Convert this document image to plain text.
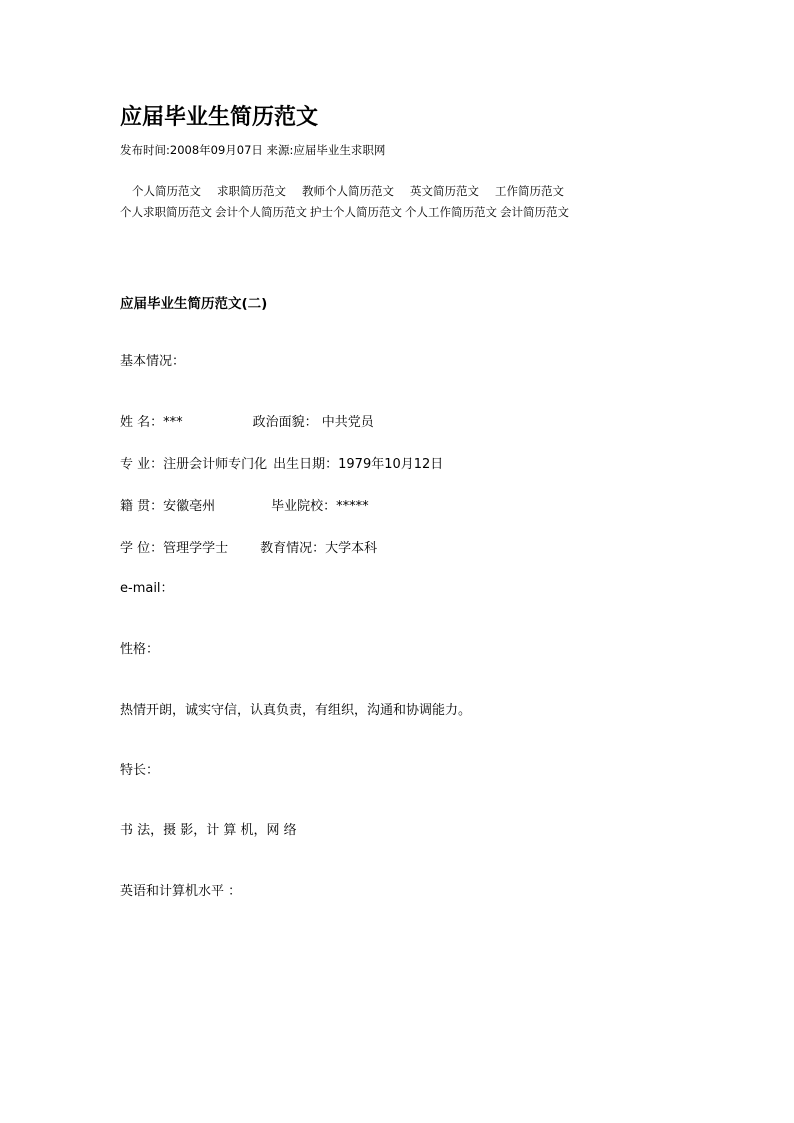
应届毕业生简历范文
发布时间:2008年09月07日 来源:应届毕业生求职网
个人简历范文 求职简历范文 教师个人简历范文 英文简历范文 工作简历范文
个人求职简历范文 会计个人简历范文 护士个人简历范文 个人工作简历范文 会计简历范文
应届毕业生简历范文(二)
基本情况：
姓 名：***	政治面貌： 中共党员
专 业：注册会计师专门化 出生日期：1979年10月12日
籍 贯：安徽亳州	毕业院校：*****
学 位：管理学学士 教育情况：大学本科
e-mail：
性格：
热情开朗，诚实守信，认真负责，有组织，沟通和协调能力。
特长：
书 法，摄 影，计 算 机，网 络
英语和计算机水平 ：
